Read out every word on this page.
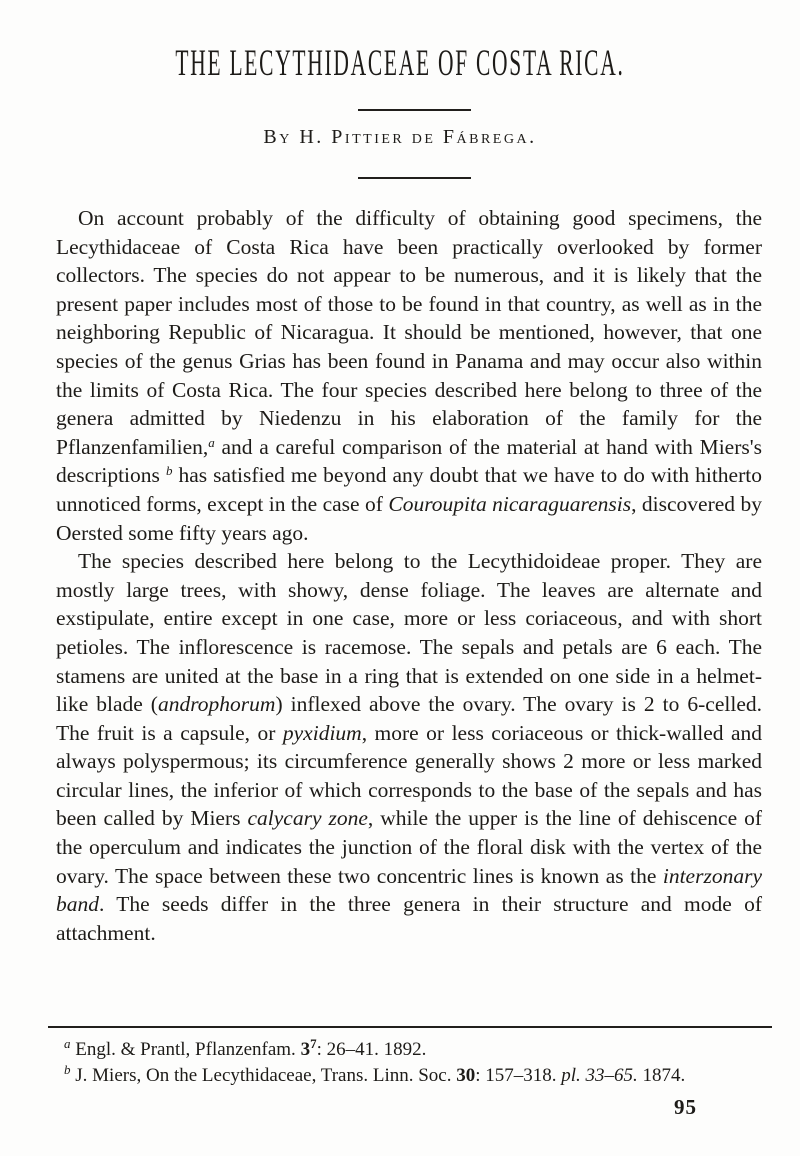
THE LECYTHIDACEAE OF COSTA RICA.
By H. Pittier de Fábrega.

On account probably of the difficulty of obtaining good specimens, the Lecythidaceae of Costa Rica have been practically overlooked by former collectors. The species do not appear to be numerous, and it is likely that the present paper includes most of those to be found in that country, as well as in the neighboring Republic of Nicaragua. It should be mentioned, however, that one species of the genus Grias has been found in Panama and may occur also within the limits of Costa Rica. The four species described here belong to three of the genera admitted by Niedenzu in his elaboration of the family for the Pflanzenfamilien,$^a$ and a careful comparison of the material at hand with Miers's descriptions $^b$ has satisfied me beyond any doubt that we have to do with hitherto unnoticed forms, except in the case of Couroupita nicaraguarensis, discovered by Oersted some fifty years ago.

The species described here belong to the Lecythidoideae proper. They are mostly large trees, with showy, dense foliage. The leaves are alternate and exstipulate, entire except in one case, more or less coriaceous, and with short petioles. The inflorescence is racemose. The sepals and petals are 6 each. The stamens are united at the base in a ring that is extended on one side in a helmet-like blade (androphorum) inflexed above the ovary. The ovary is 2 to 6-celled. The fruit is a capsule, or pyxidium, more or less coriaceous or thick-walled and always polyspermous; its circumference generally shows 2 more or less marked circular lines, the inferior of which corresponds to the base of the sepals and has been called by Miers calycary zone, while the upper is the line of dehiscence of the operculum and indicates the junction of the floral disk with the vertex of the ovary. The space between these two concentric lines is known as the interzonary band. The seeds differ in the three genera in their structure and mode of attachment.

$^a$ Engl. & Prantl, Pflanzenfam. $3^7$: 26–41. 1892.

$^b$ J. Miers, On the Lecythidaceae, Trans. Linn. Soc. 30: 157–318. pl. 33–65. 1874.

95
